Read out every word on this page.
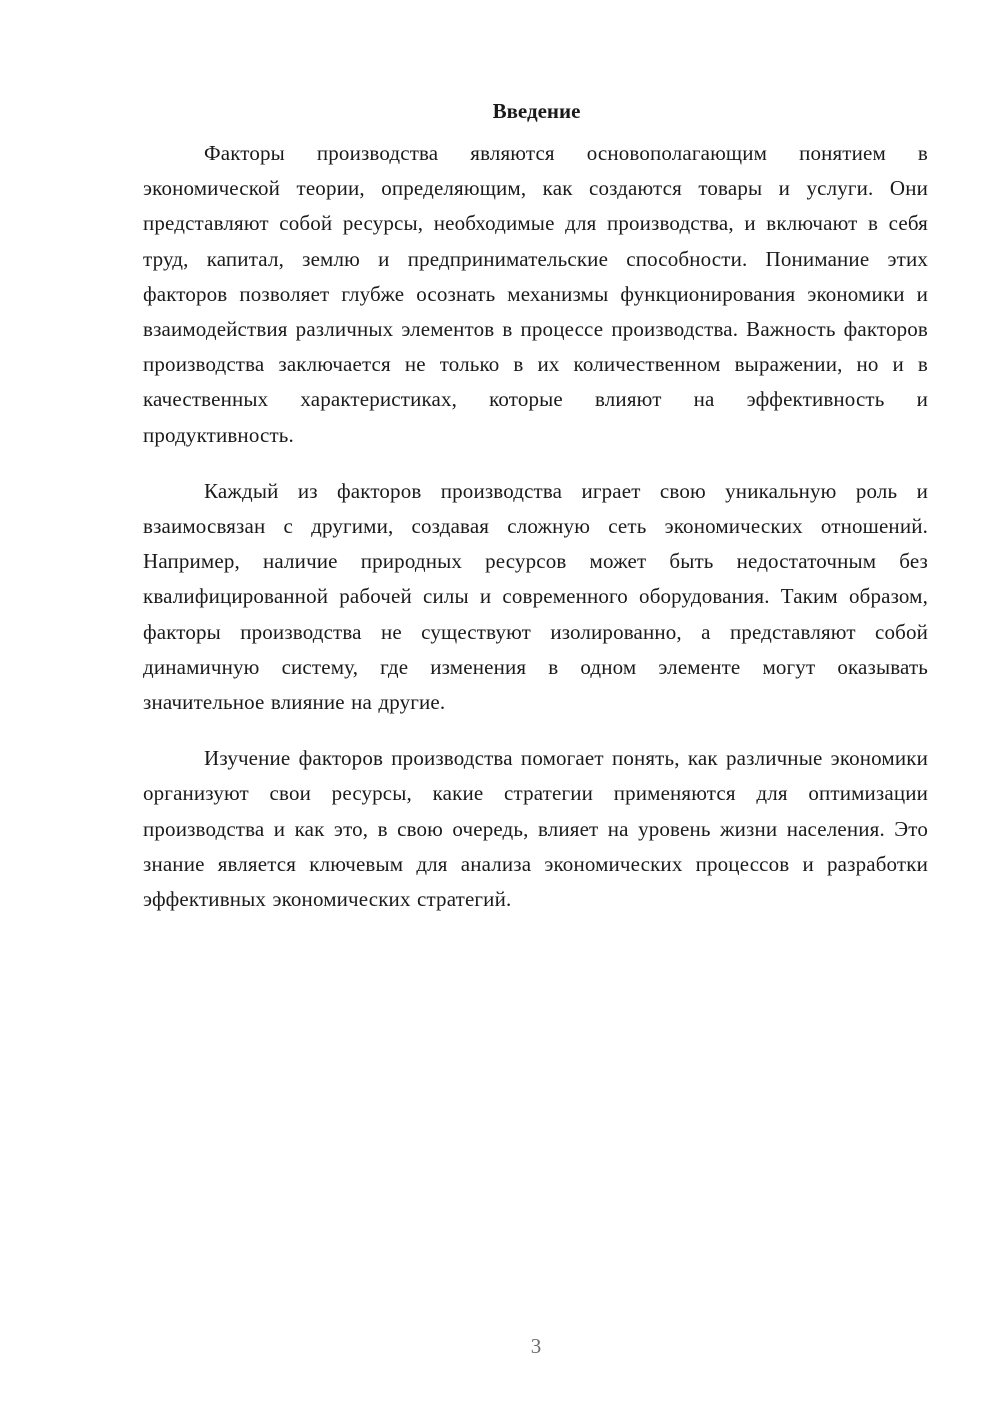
Введение

Факторы производства являются основополагающим понятием в экономической теории, определяющим, как создаются товары и услуги. Они представляют собой ресурсы, необходимые для производства, и включают в себя труд, капитал, землю и предпринимательские способности. Понимание этих факторов позволяет глубже осознать механизмы функционирования экономики и взаимодействия различных элементов в процессе производства. Важность факторов производства заключается не только в их количественном выражении, но и в качественных характеристиках, которые влияют на эффективность и продуктивность.

Каждый из факторов производства играет свою уникальную роль и взаимосвязан с другими, создавая сложную сеть экономических отношений. Например, наличие природных ресурсов может быть недостаточным без квалифицированной рабочей силы и современного оборудования. Таким образом, факторы производства не существуют изолированно, а представляют собой динамичную систему, где изменения в одном элементе могут оказывать значительное влияние на другие.

Изучение факторов производства помогает понять, как различные экономики организуют свои ресурсы, какие стратегии применяются для оптимизации производства и как это, в свою очередь, влияет на уровень жизни населения. Это знание является ключевым для анализа экономических процессов и разработки эффективных экономических стратегий.

3
